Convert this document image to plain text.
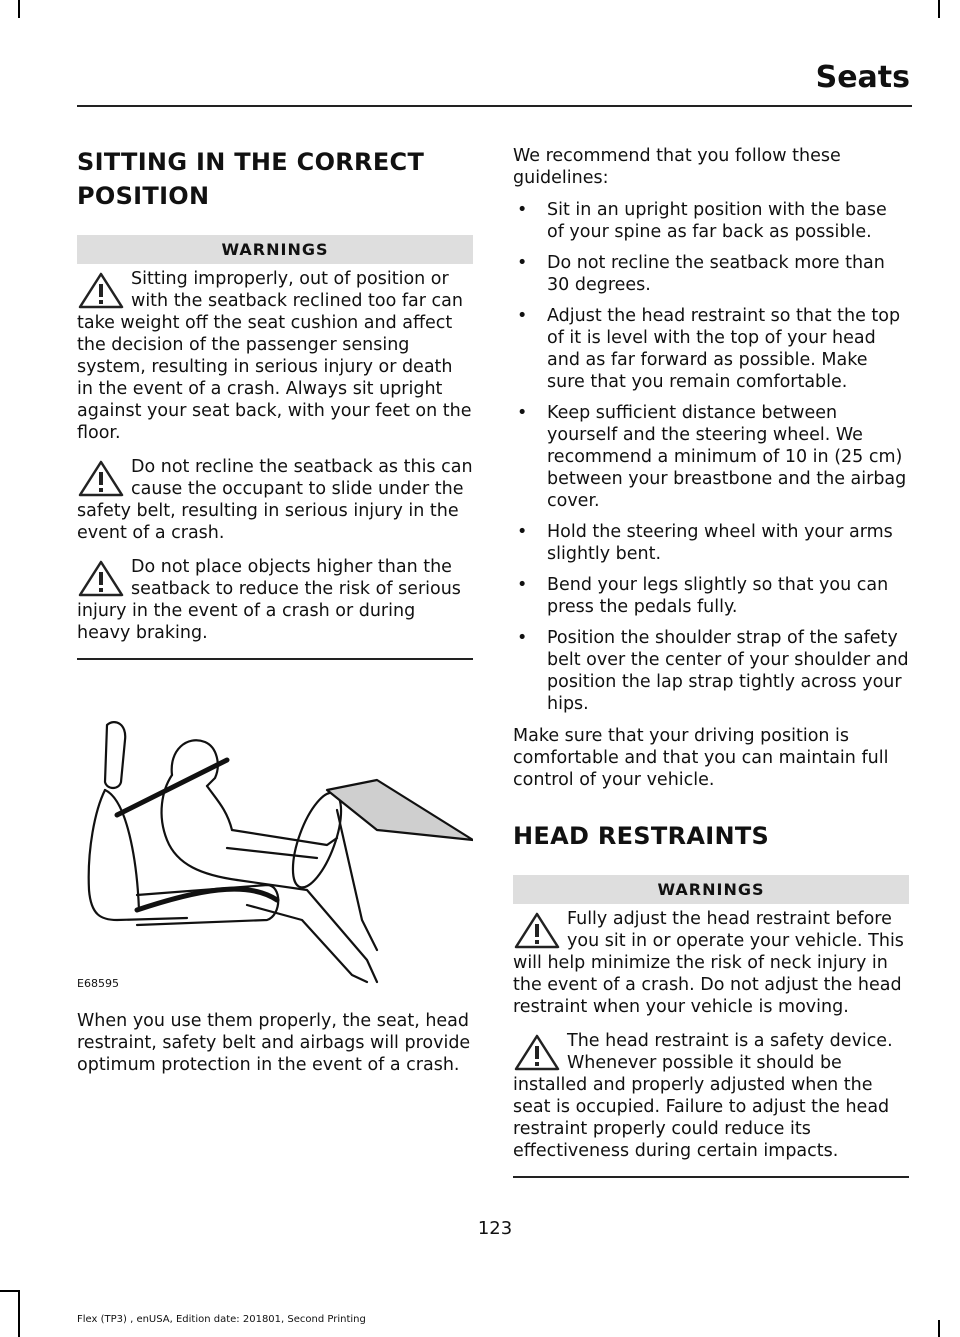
Seats
SITTING IN THE CORRECT POSITION
WARNINGS
Sitting improperly, out of position or with the seatback reclined too far can take weight off the seat cushion and affect the decision of the passenger sensing system, resulting in serious injury or death in the event of a crash. Always sit upright against your seat back, with your feet on the floor.
Do not recline the seatback as this can cause the occupant to slide under the safety belt, resulting in serious injury in the event of a crash.
Do not place objects higher than the seatback to reduce the risk of serious injury in the event of a crash or during heavy braking.
E68595

When you use them properly, the seat, head restraint, safety belt and airbags will provide optimum protection in the event of a crash.

We recommend that you follow these guidelines:

• Sit in an upright position with the base of your spine as far back as possible.
• Do not recline the seatback more than 30 degrees.
• Adjust the head restraint so that the top of it is level with the top of your head and as far forward as possible. Make sure that you remain comfortable.
• Keep sufficient distance between yourself and the steering wheel. We recommend a minimum of 10 in (25 cm) between your breastbone and the airbag cover.
• Hold the steering wheel with your arms slightly bent.
• Bend your legs slightly so that you can press the pedals fully.
• Position the shoulder strap of the safety belt over the center of your shoulder and position the lap strap tightly across your hips.

Make sure that your driving position is comfortable and that you can maintain full control of your vehicle.

HEAD RESTRAINTS
WARNINGS
Fully adjust the head restraint before you sit in or operate your vehicle. This will help minimize the risk of neck injury in the event of a crash. Do not adjust the head restraint when your vehicle is moving.
The head restraint is a safety device. Whenever possible it should be installed and properly adjusted when the seat is occupied. Failure to adjust the head restraint properly could reduce its effectiveness during certain impacts.
123
Flex (TP3) , enUSA, Edition date: 201801, Second Printing
